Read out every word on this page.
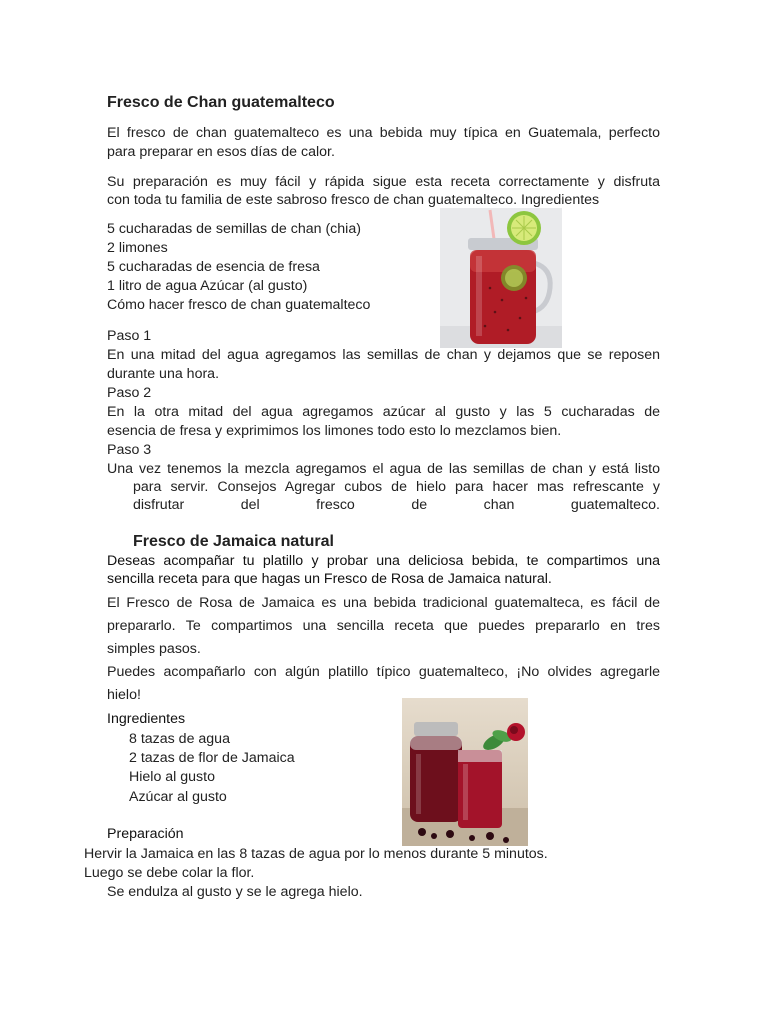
Fresco de Chan guatemalteco

El fresco de chan guatemalteco es una bebida muy típica en Guatemala, perfecto

para preparar en esos días de calor.

Su preparación es muy fácil y rápida sigue esta receta correctamente y disfruta

con toda tu familia de este sabroso fresco de chan guatemalteco. Ingredientes

5 cucharadas de semillas de chan (chia)

2 limones

5 cucharadas de esencia de fresa

1 litro de agua Azúcar (al gusto)

Cómo hacer fresco de chan guatemalteco

Paso 1

En una mitad del agua agregamos las semillas de chan y dejamos que se reposen

durante una hora.

Paso 2

En la otra mitad del agua agregamos azúcar al gusto y las 5 cucharadas de

esencia de fresa y exprimimos los limones todo esto lo mezclamos bien.

Paso 3

Una vez tenemos la mezcla agregamos el agua de las semillas de chan y está listo

para servir. Consejos Agregar cubos de hielo para hacer mas refrescante y

disfrutar del fresco de chan guatemalteco.

Fresco de Jamaica natural

Deseas acompañar tu platillo y probar una deliciosa bebida, te compartimos una

sencilla receta para que hagas un Fresco de Rosa de Jamaica natural.

El Fresco de Rosa de Jamaica es una bebida tradicional guatemalteca, es fácil de

prepararlo. Te compartimos una sencilla receta que puedes prepararlo en tres

simples pasos.

Puedes acompañarlo con algún platillo típico guatemalteco, ¡No olvides agregarle

hielo!

Ingredientes

8 tazas de agua

2 tazas de flor de Jamaica

Hielo al gusto

Azúcar al gusto

Preparación

Hervir la Jamaica en las 8 tazas de agua por lo menos durante 5 minutos.

Luego se debe colar la flor.

Se endulza al gusto y se le agrega hielo.
